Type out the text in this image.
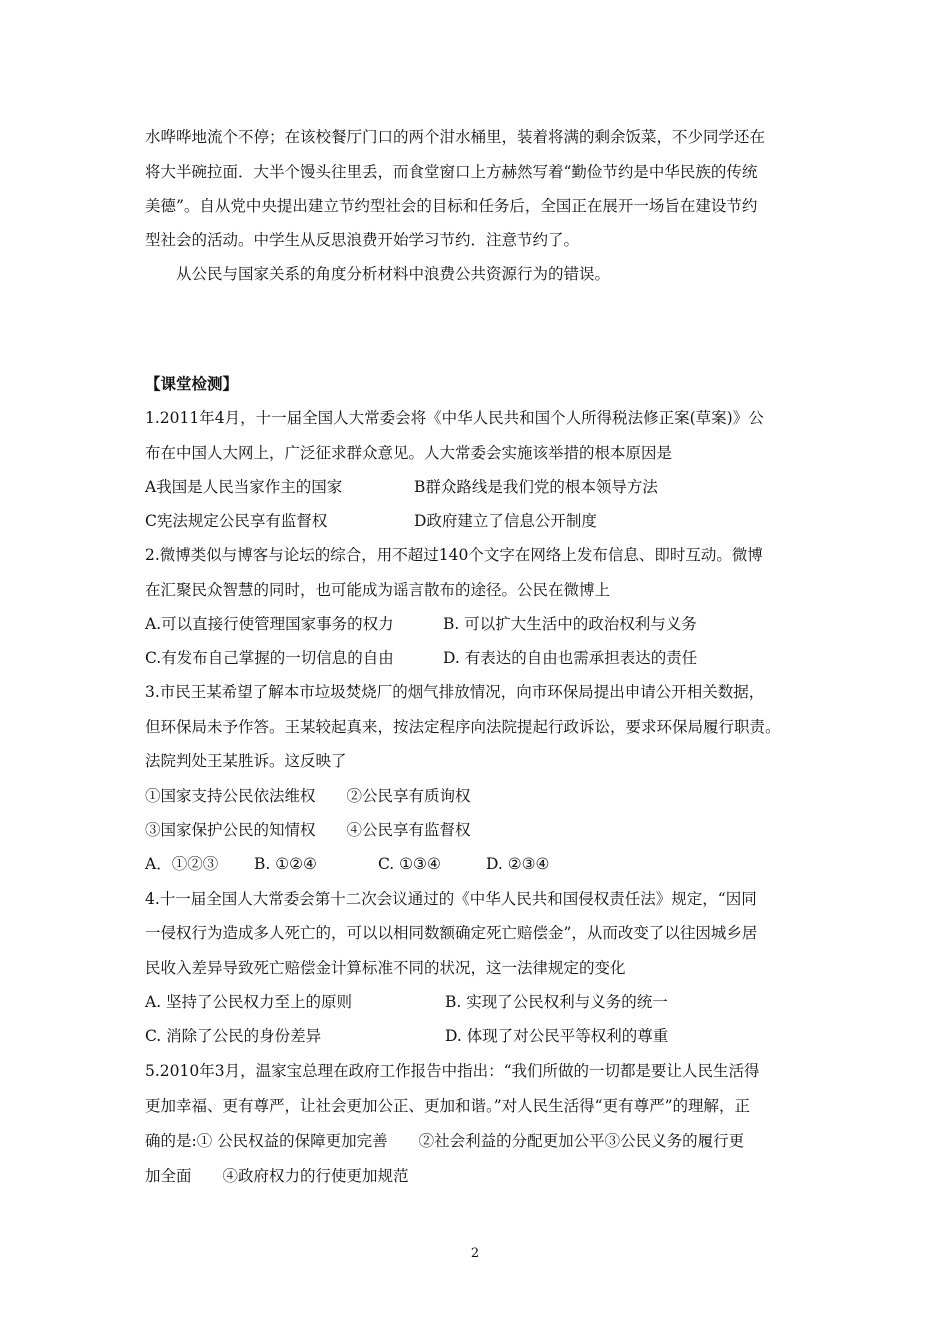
水哗哗地流个不停；在该校餐厅门口的两个泔水桶里，装着将满的剩余饭菜，不少同学还在
将大半碗拉面．大半个馒头往里丢，而食堂窗口上方赫然写着“勤俭节约是中华民族的传统
美德”。自从党中央提出建立节约型社会的目标和任务后，全国正在展开一场旨在建设节约
型社会的活动。中学生从反思浪费开始学习节约．注意节约了。
从公民与国家关系的角度分析材料中浪费公共资源行为的错误。
【课堂检测】
1.2011年4月，十一届全国人大常委会将《中华人民共和国个人所得税法修正案(草案)》公
布在中国人大网上，广泛征求群众意见。人大常委会实施该举措的根本原因是
A我国是人民当家作主的国家	B群众路线是我们党的根本领导方法
C宪法规定公民享有监督权	D政府建立了信息公开制度
2.微博类似与博客与论坛的综合，用不超过140个文字在网络上发布信息、即时互动。微博
在汇聚民众智慧的同时，也可能成为谣言散布的途径。公民在微博上
A.可以直接行使管理国家事务的权力	B. 可以扩大生活中的政治权利与义务
C.有发布自己掌握的一切信息的自由	D. 有表达的自由也需承担表达的责任
3.市民王某希望了解本市垃圾焚烧厂的烟气排放情况，向市环保局提出申请公开相关数据，
但环保局未予作答。王某较起真来，按法定程序向法院提起行政诉讼，要求环保局履行职责。
法院判处王某胜诉。这反映了
①国家支持公民依法维权　　②公民享有质询权
③国家保护公民的知情权　　④公民享有监督权
A．①②③ B. ①②④	C. ①③④	D. ②③④
4.十一届全国人大常委会第十二次会议通过的《中华人民共和国侵权责任法》规定，“因同
一侵权行为造成多人死亡的，可以以相同数额确定死亡赔偿金”，从而改变了以往因城乡居
民收入差异导致死亡赔偿金计算标准不同的状况，这一法律规定的变化
A. 坚持了公民权力至上的原则	B. 实现了公民权利与义务的统一
C. 消除了公民的身份差异	D. 体现了对公民平等权利的尊重
5.2010年3月，温家宝总理在政府工作报告中指出：“我们所做的一切都是要让人民生活得
更加幸福、更有尊严，让社会更加公正、更加和谐。”对人民生活得“更有尊严”的理解，正
确的是:① 公民权益的保障更加完善　　②社会利益的分配更加公平③公民义务的履行更
加全面　　④政府权力的行使更加规范
2
